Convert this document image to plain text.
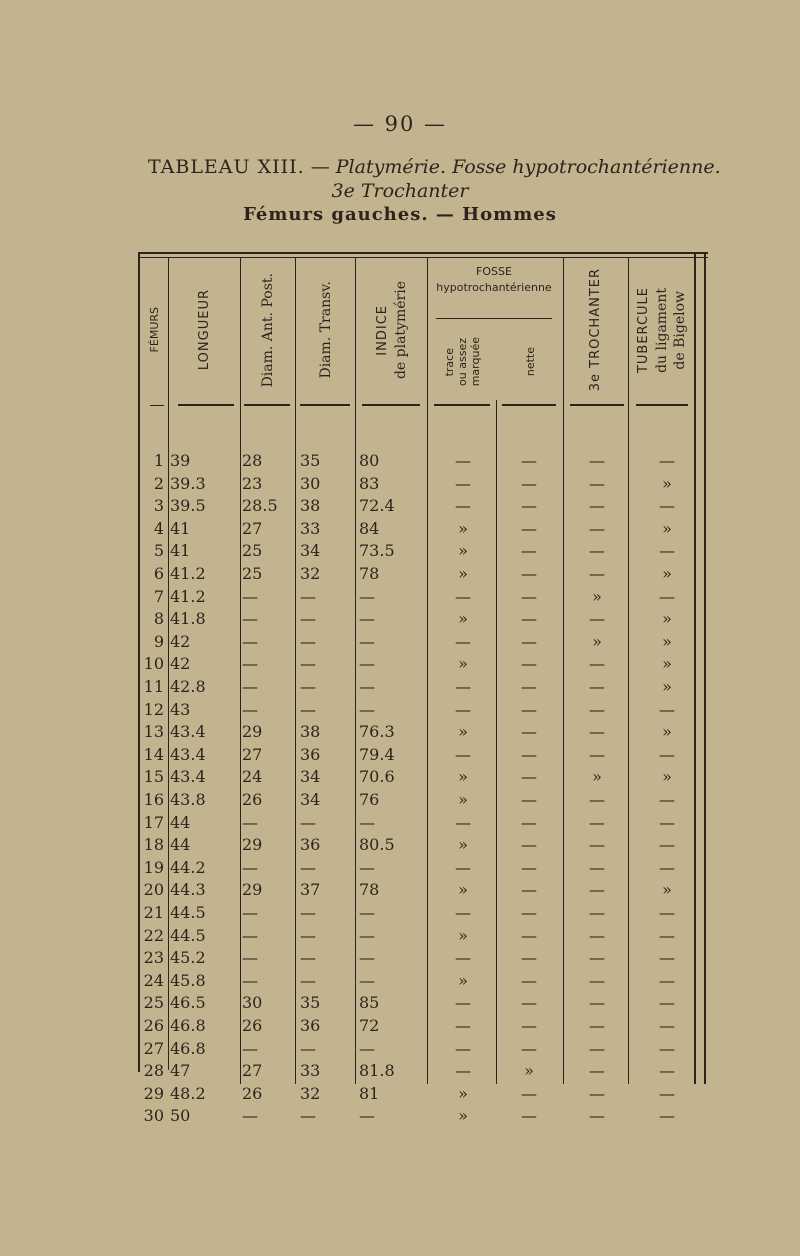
— 90 —
TABLEAU XIII. — Platymérie. Fosse hypotrochantérienne.
3e Trochanter
Fémurs gauches. — Hommes
FÉMURS	LONGUEUR	Diam. Ant. Post.	Diam. Transv.	INDICE de platymérie
FOSSE
hypotrochantérienne
trace ou assez marquée	nette	3e TROCHANTER	TUBERCULE du ligament de Bigelow
1 39	28	35	80	—	—	—	—
2 39.3	23	30	83	—	—	—	»
3 39.5	28.5	38	72.4	—	—	—	—
4 41	27	33	84	»	—	—	»
5 41	25	34	73.5	»	—	—	—
6 41.2	25	32	78	»	—	—	»
7 41.2	—	—	—	—	—	»	—
8 41.8	—	—	—	»	—	—	»
9 42	—	—	—	—	—	»	»
10 42	—	—	—	»	—	—	»
11 42.8	—	—	—	—	—	—	»
12 43	—	—	—	—	—	—	—
13 43.4	29	38	76.3	»	—	—	»
14 43.4	27	36	79.4	—	—	—	—
15 43.4	24	34	70.6	»	—	»	»
16 43.8	26	34	76	»	—	—	—
17 44	—	—	—	—	—	—	—
18 44	29	36	80.5	»	—	—	—
19 44.2	—	—	—	—	—	—	—
20 44.3	29	37	78	»	—	—	»
21 44.5	—	—	—	—	—	—	—
22 44.5	—	—	—	»	—	—	—
23 45.2	—	—	—	—	—	—	—
24 45.8	—	—	—	»	—	—	—
25 46.5	30	35	85	—	—	—	—
26 46.8	26	36	72	—	—	—	—
27 46.8	—	—	—	—	—	—	—
28 47	27	33	81.8	—	»	—	—
29 48.2	26	32	81	»	—	—	—
30 50	—	—	—	»	—	—	—
